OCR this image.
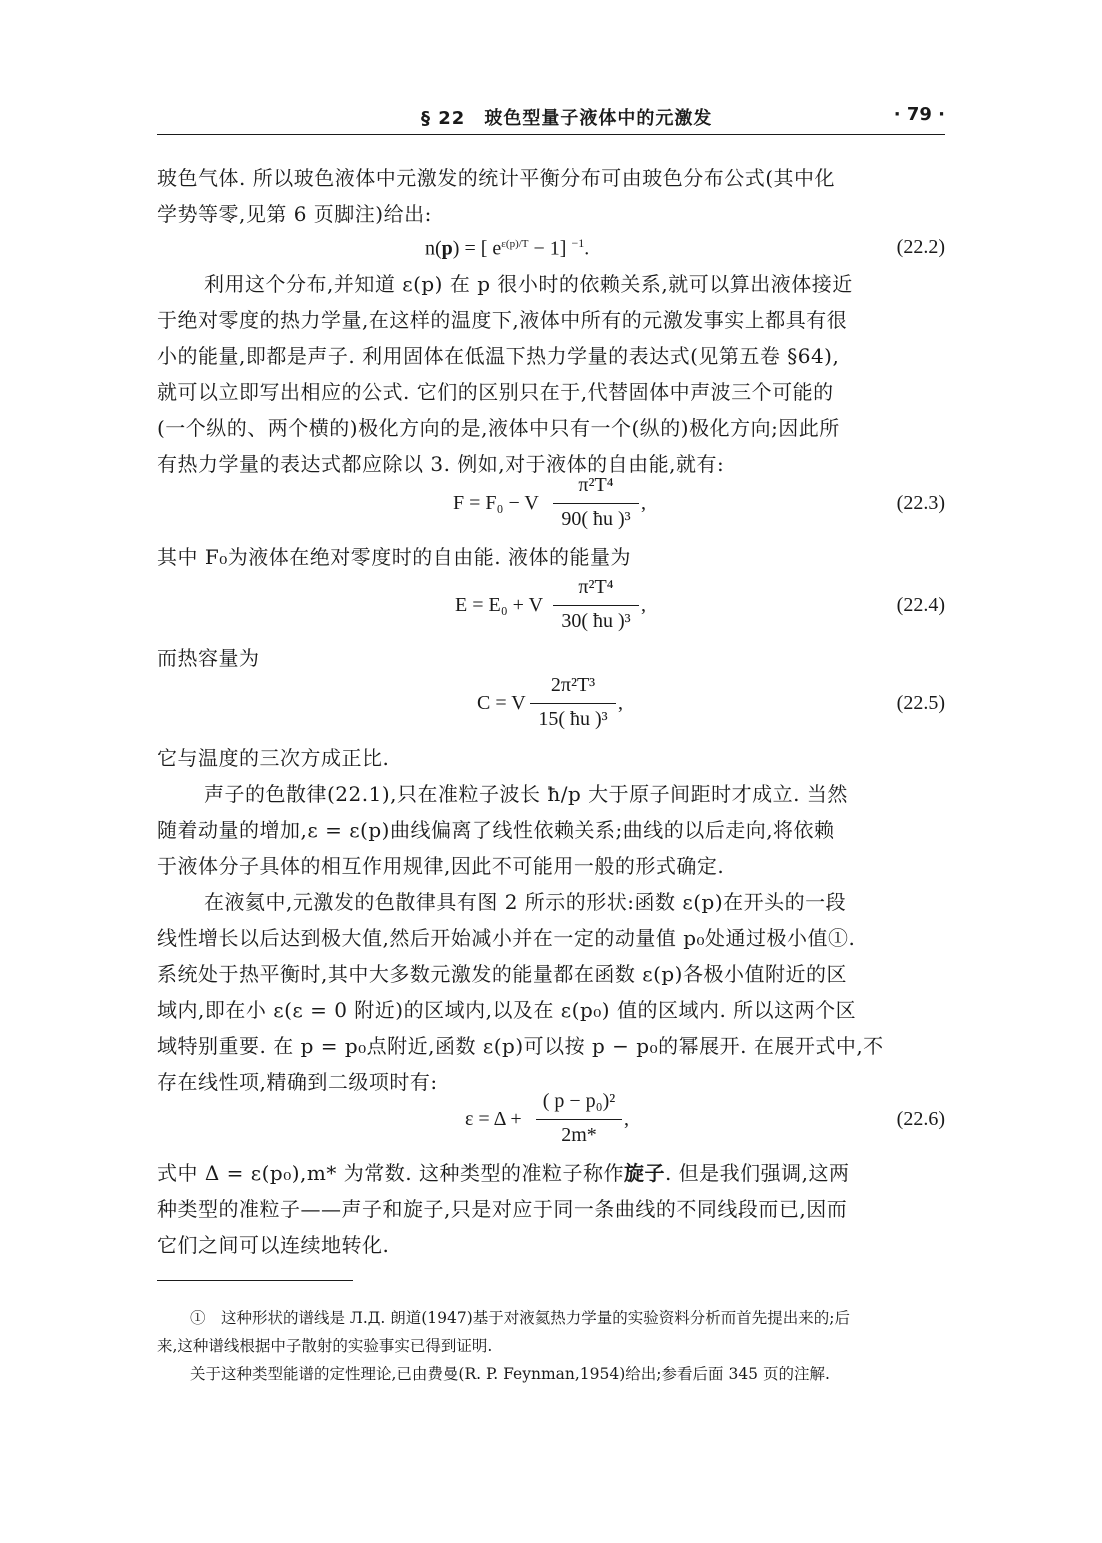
§ 22　玻色型量子液体中的元激发	· 79 ·
玻色气体. 所以玻色液体中元激发的统计平衡分布可由玻色分布公式(其中化
学势等零,见第 6 页脚注)给出:
n(p) = [ $e^{\varepsilon(p)/T} - 1$] $^{-1}$.	(22.2)
利用这个分布,并知道 ε(p) 在 p 很小时的依赖关系,就可以算出液体接近
于绝对零度的热力学量,在这样的温度下,液体中所有的元激发事实上都具有很
小的能量,即都是声子. 利用固体在低温下热力学量的表达式(见第五卷 §64),
就可以立即写出相应的公式. 它们的区别只在于,代替固体中声波三个可能的
(一个纵的、两个横的)极化方向的是,液体中只有一个(纵的)极化方向;因此所
有热力学量的表达式都应除以 3. 例如,对于液体的自由能,就有:
F = F₀ − V
π²T⁴
90( ħu )³
,	(22.3)
其中 F₀为液体在绝对零度时的自由能. 液体的能量为
E = E₀ + V
π²T⁴
30( ħu )³
,	(22.4)
而热容量为
C = V
2π²T³
15( ħu )³
,	(22.5)
它与温度的三次方成正比.
声子的色散律(22.1),只在准粒子波长 ħ/p 大于原子间距时才成立. 当然
随着动量的增加,ε = ε(p)曲线偏离了线性依赖关系;曲线的以后走向,将依赖
于液体分子具体的相互作用规律,因此不可能用一般的形式确定.
在液氦中,元激发的色散律具有图 2 所示的形状:函数 ε(p)在开头的一段
线性增长以后达到极大值,然后开始减小并在一定的动量值 p₀处通过极小值①.
系统处于热平衡时,其中大多数元激发的能量都在函数 ε(p)各极小值附近的区
域内,即在小 ε(ε = 0 附近)的区域内,以及在 ε(p₀) 值的区域内. 所以这两个区
域特别重要. 在 p = p₀点附近,函数 ε(p)可以按 p − p₀的幂展开. 在展开式中,不
存在线性项,精确到二级项时有:
ε = Δ +
( p − p₀)²
2m*
,	(22.6)
式中 Δ = ε(p₀),m* 为常数. 这种类型的准粒子称作旋子. 但是我们强调,这两
种类型的准粒子——声子和旋子,只是对应于同一条曲线的不同线段而已,因而
它们之间可以连续地转化.
①　这种形状的谱线是 Л.Д. 朗道(1947)基于对液氦热力学量的实验资料分析而首先提出来的;后
来,这种谱线根据中子散射的实验事实已得到证明.
关于这种类型能谱的定性理论,已由费曼(R. P. Feynman,1954)给出;参看后面 345 页的注解.
